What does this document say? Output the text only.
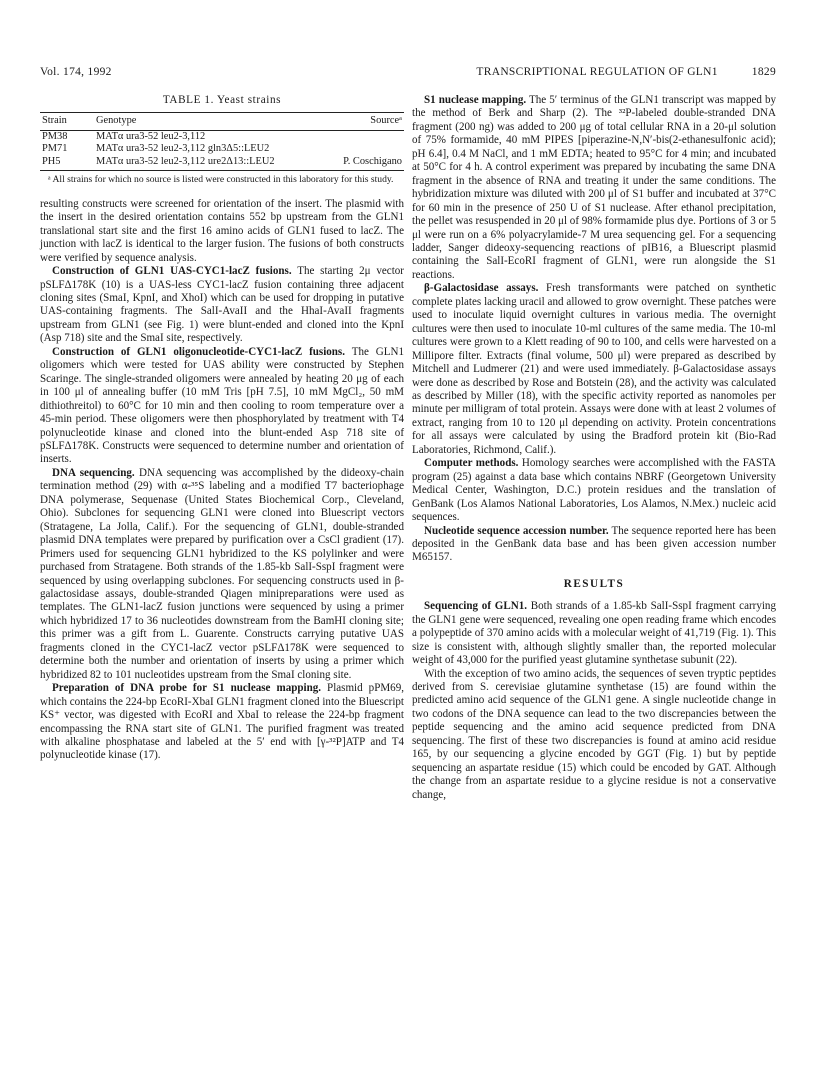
Vol. 174, 1992	TRANSCRIPTIONAL REGULATION OF GLN1	1829
TABLE 1. Yeast strains
Strain	Genotype	Sourceᵃ
PM38	MATα ura3-52 leu2-3,112	
PM71	MATα ura3-52 leu2-3,112 gln3Δ5::LEU2	
PH5	MATα ura3-52 leu2-3,112 ure2Δ13::LEU2	P. Coschigano
ᵃ All strains for which no source is listed were constructed in this laboratory for this study.

resulting constructs were screened for orientation of the insert. The plasmid with the insert in the desired orientation contains 552 bp upstream from the GLN1 translational start site and the first 16 amino acids of GLN1 fused to lacZ. The junction with lacZ is identical to the larger fusion. The fusions of both constructs were verified by sequence analysis.

Construction of GLN1 UAS-CYC1-lacZ fusions. The starting 2μ vector pSLFΔ178K (10) is a UAS-less CYC1-lacZ fusion containing three adjacent cloning sites (SmaI, KpnI, and XhoI) which can be used for dropping in putative UAS-containing fragments. The SalI-AvaII and the HhaI-AvaII fragments upstream from GLN1 (see Fig. 1) were blunt-ended and cloned into the KpnI (Asp 718) site and the SmaI site, respectively.

Construction of GLN1 oligonucleotide-CYC1-lacZ fusions. The GLN1 oligomers which were tested for UAS ability were constructed by Stephen Scaringe. The single-stranded oligomers were annealed by heating 20 μg of each in 100 μl of annealing buffer (10 mM Tris [pH 7.5], 10 mM MgCl₂, 50 mM dithiothreitol) to 60°C for 10 min and then cooling to room temperature over a 45-min period. These oligomers were then phosphorylated by treatment with T4 polynucleotide kinase and cloned into the blunt-ended Asp 718 site of pSLFΔ178K. Constructs were sequenced to determine number and orientation of inserts.

DNA sequencing. DNA sequencing was accomplished by the dideoxy-chain termination method (29) with α-³⁵S labeling and a modified T7 bacteriophage DNA polymerase, Sequenase (United States Biochemical Corp., Cleveland, Ohio). Subclones for sequencing GLN1 were cloned into Bluescript vectors (Stratagene, La Jolla, Calif.). For the sequencing of GLN1, double-stranded plasmid DNA templates were prepared by purification over a CsCl gradient (17). Primers used for sequencing GLN1 hybridized to the KS polylinker and were purchased from Stratagene. Both strands of the 1.85-kb SalI-SspI fragment were sequenced by using overlapping subclones. For sequencing constructs used in β-galactosidase assays, double-stranded Qiagen minipreparations were used as templates. The GLN1-lacZ fusion junctions were sequenced by using a primer which hybridized 17 to 36 nucleotides downstream from the BamHI cloning site; this primer was a gift from L. Guarente. Constructs carrying putative UAS fragments cloned in the CYC1-lacZ vector pSLFΔ178K were sequenced to determine both the number and orientation of inserts by using a primer which hybridized 82 to 101 nucleotides upstream from the SmaI cloning site.

Preparation of DNA probe for S1 nuclease mapping. Plasmid pPM69, which contains the 224-bp EcoRI-XbaI GLN1 fragment cloned into the Bluescript KS⁺ vector, was digested with EcoRI and XbaI to release the 224-bp fragment encompassing the RNA start site of GLN1. The purified fragment was treated with alkaline phosphatase and labeled at the 5′ end with [γ-³²P]ATP and T4 polynucleotide kinase (17).

S1 nuclease mapping. The 5′ terminus of the GLN1 transcript was mapped by the method of Berk and Sharp (2). The ³²P-labeled double-stranded DNA fragment (200 ng) was added to 200 μg of total cellular RNA in a 20-μl solution of 75% formamide, 40 mM PIPES [piperazine-N,N′-bis(2-ethanesulfonic acid); pH 6.4], 0.4 M NaCl, and 1 mM EDTA; heated to 95°C for 4 min; and incubated at 50°C for 4 h. A control experiment was prepared by incubating the same DNA fragment in the absence of RNA and treating it under the same conditions. The hybridization mixture was diluted with 200 μl of S1 buffer and incubated at 37°C for 60 min in the presence of 250 U of S1 nuclease. After ethanol precipitation, the pellet was resuspended in 20 μl of 98% formamide plus dye. Portions of 3 or 5 μl were run on a 6% polyacrylamide-7 M urea sequencing gel. For a sequencing ladder, Sanger dideoxy-sequencing reactions of pIB16, a Bluescript plasmid containing the SalI-EcoRI fragment of GLN1, were run alongside the S1 reactions.

β-Galactosidase assays. Fresh transformants were patched on synthetic complete plates lacking uracil and allowed to grow overnight. These patches were used to inoculate liquid overnight cultures in various media. The overnight cultures were then used to inoculate 10-ml cultures of the same media. The 10-ml cultures were grown to a Klett reading of 90 to 100, and cells were harvested on a Millipore filter. Extracts (final volume, 500 μl) were prepared as described by Mitchell and Ludmerer (21) and were used immediately. β-Galactosidase assays were done as described by Rose and Botstein (28), and the activity was calculated as described by Miller (18), with the specific activity reported as nanomoles per minute per milligram of total protein. Assays were done with at least 2 volumes of extract, ranging from 10 to 120 μl depending on activity. Protein concentrations for all assays were calculated by using the Bradford protein kit (Bio-Rad Laboratories, Richmond, Calif.).

Computer methods. Homology searches were accomplished with the FASTA program (25) against a data base which contains NBRF (Georgetown University Medical Center, Washington, D.C.) protein residues and the translation of GenBank (Los Alamos National Laboratories, Los Alamos, N.Mex.) nucleic acid sequences.

Nucleotide sequence accession number. The sequence reported here has been deposited in the GenBank data base and has been given accession number M65157.

RESULTS

Sequencing of GLN1. Both strands of a 1.85-kb SalI-SspI fragment carrying the GLN1 gene were sequenced, revealing one open reading frame which encodes a polypeptide of 370 amino acids with a molecular weight of 41,719 (Fig. 1). This size is consistent with, although slightly smaller than, the reported molecular weight of 43,000 for the purified yeast glutamine synthetase subunit (22).

With the exception of two amino acids, the sequences of seven tryptic peptides derived from S. cerevisiae glutamine synthetase (15) are found within the predicted amino acid sequence of the GLN1 gene. A single nucleotide change in two codons of the DNA sequence can lead to the two discrepancies between the peptide sequencing and the amino acid sequence predicted from DNA sequencing. The first of these two discrepancies is found at amino acid residue 165, by our sequencing a glycine encoded by GGT (Fig. 1) but by peptide sequencing an aspartate residue (15) which could be encoded by GAT. Although the change from an aspartate residue to a glycine residue is not a conservative change,
